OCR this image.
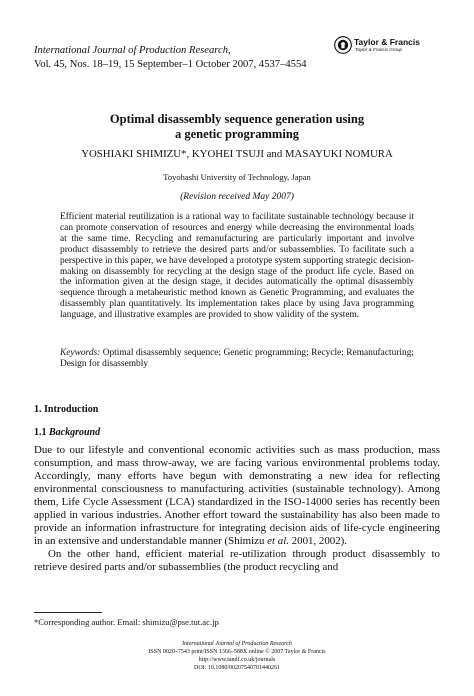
International Journal of Production Research,
Vol. 45, Nos. 18–19, 15 September–1 October 2007, 4537–4554
Taylor & Francis
Taylor & Francis Group
Optimal disassembly sequence generation using
a genetic programming
YOSHIAKI SHIMIZU*, KYOHEI TSUJI and MASAYUKI NOMURA
Toyohashi University of Technology, Japan
(Revision received May 2007)
Efficient material reutilization is a rational way to facilitate sustainable technology because it can promote conservation of resources and energy while decreasing the environmental loads at the same time. Recycling and remanufacturing are particularly important and involve product disassembly to retrieve the desired parts and/or subassemblies. To facilitate such a perspective in this paper, we have developed a prototype system supporting strategic decision-making on disassembly for recycling at the design stage of the product life cycle. Based on the information given at the design stage, it decides automatically the optimal disassembly sequence through a metaheuristic method known as Genetic Programming, and evaluates the disassembly plan quantitatively. Its implementation takes place by using Java programming language, and illustrative examples are provided to show validity of the system.
Keywords: Optimal disassembly sequence; Genetic programming; Recycle; Remanufacturing; Design for disassembly
1. Introduction
1.1 Background

Due to our lifestyle and conventional economic activities such as mass production, mass consumption, and mass throw-away, we are facing various environmental problems today. Accordingly, many efforts have begun with demonstrating a new idea for reflecting environmental consciousness to manufacturing activities (sustainable technology). Among them, Life Cycle Assessment (LCA) standardized in the ISO-14000 series has recently been applied in various industries. Another effort toward the sustainability has also been made to provide an information infrastructure for integrating decision aids of life-cycle engineering in an extensive and understandable manner (Shimizu et al. 2001, 2002).

On the other hand, efficient material re-utilization through product disassembly to retrieve desired parts and/or subassemblies (the product recycling and

*Corresponding author. Email: shimizu@pse.tut.ac.jp
International Journal of Production Research
ISSN 0020–7543 print/ISSN 1366–588X online © 2007 Taylor & Francis
http://www.tandf.co.uk/journals
DOI: 10.1080/00207540701440261
